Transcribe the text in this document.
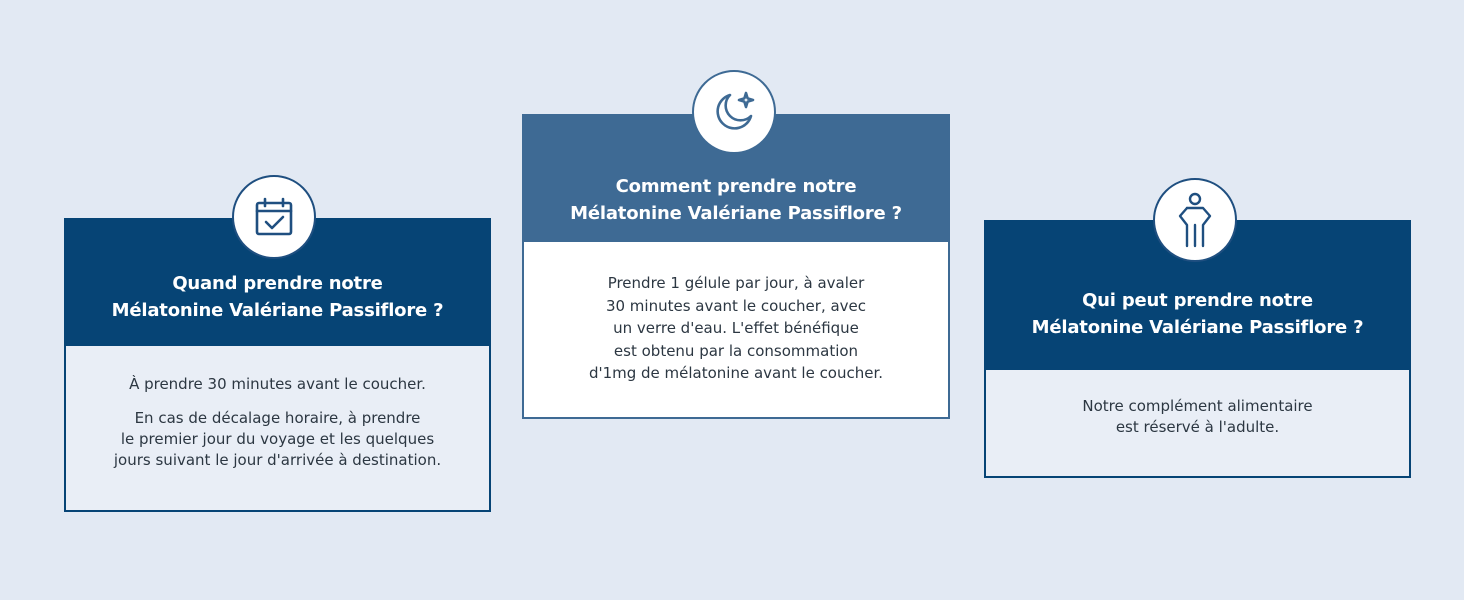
Quand prendre notre
Mélatonine Valériane Passiflore ?

À prendre 30 minutes avant le coucher.

En cas de décalage horaire, à prendre
le premier jour du voyage et les quelques
jours suivant le jour d'arrivée à destination.

Comment prendre notre
Mélatonine Valériane Passiflore ?

Prendre 1 gélule par jour, à avaler
30 minutes avant le coucher, avec
un verre d'eau. L'effet bénéfique
est obtenu par la consommation
d'1mg de mélatonine avant le coucher.

Qui peut prendre notre
Mélatonine Valériane Passiflore ?

Notre complément alimentaire
est réservé à l'adulte.
